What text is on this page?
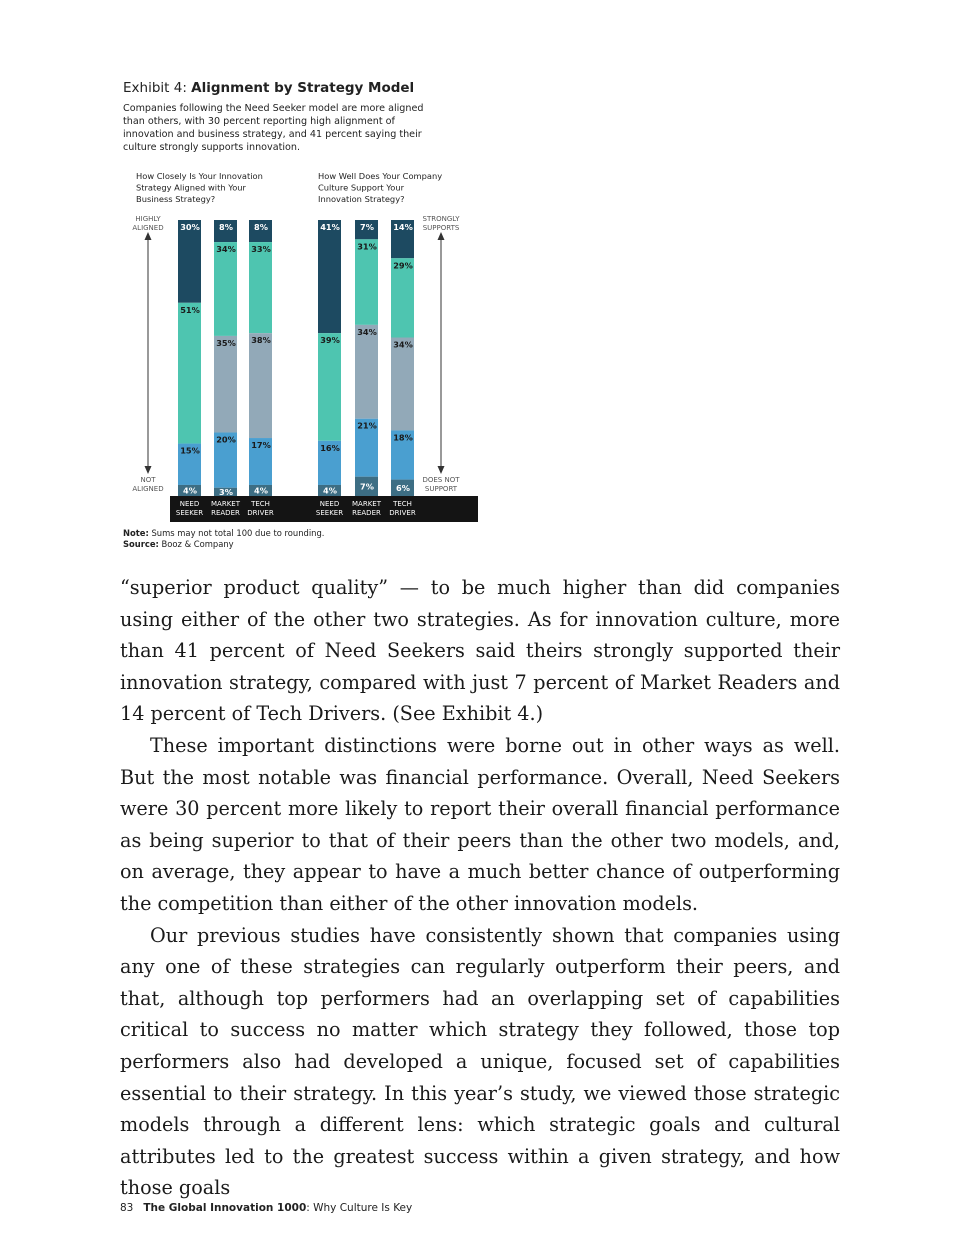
Exhibit 4: Alignment by Strategy Model
Companies following the Need Seeker model are more aligned than others, with 30 percent reporting high alignment of innovation and business strategy, and 41 percent saying their culture strongly supports innovation.
How Closely Is Your Innovation
Strategy Aligned with Your
Business Strategy?
HIGHLY
ALIGNED
NOT
ALIGNED
30%
51%
15%
4%
NEED
SEEKER
8%
34%
35%
20%
3%
MARKET
READER
8%
33%
38%
17%
4%
TECH
DRIVER
How Well Does Your Company
Culture Support Your
Innovation Strategy?
STRONGLY
SUPPORTS
DOES NOT
SUPPORT
41%
39%
16%
4%
NEED
SEEKER
7%
31%
34%
21%
7%
MARKET
READER
14%
29%
34%
18%
6%
TECH
DRIVER
Note: Sums may not total 100 due to rounding.
Source: Booz & Company

“superior product quality” — to be much higher than did companies using either of the other two strategies. As for innovation culture, more than 41 percent of Need Seekers said theirs strongly supported their innovation strategy, compared with just 7 percent of Market Readers and 14 percent of Tech Drivers. (See Exhibit 4.)

These important distinctions were borne out in other ways as well. But the most notable was financial performance. Overall, Need Seekers were 30 percent more likely to report their overall financial performance as being superior to that of their peers than the other two models, and, on average, they appear to have a much better chance of outperforming the competition than either of the other innovation models.

Our previous studies have consistently shown that companies using any one of these strategies can regularly outperform their peers, and that, although top performers had an overlapping set of capabilities critical to success no matter which strategy they followed, those top performers also had developed a unique, focused set of capabilities essential to their strategy. In this year’s study, we viewed those strategic models through a different lens: which strategic goals and cultural attributes led to the greatest success within a given strategy, and how those goals

83 The Global Innovation 1000: Why Culture Is Key
